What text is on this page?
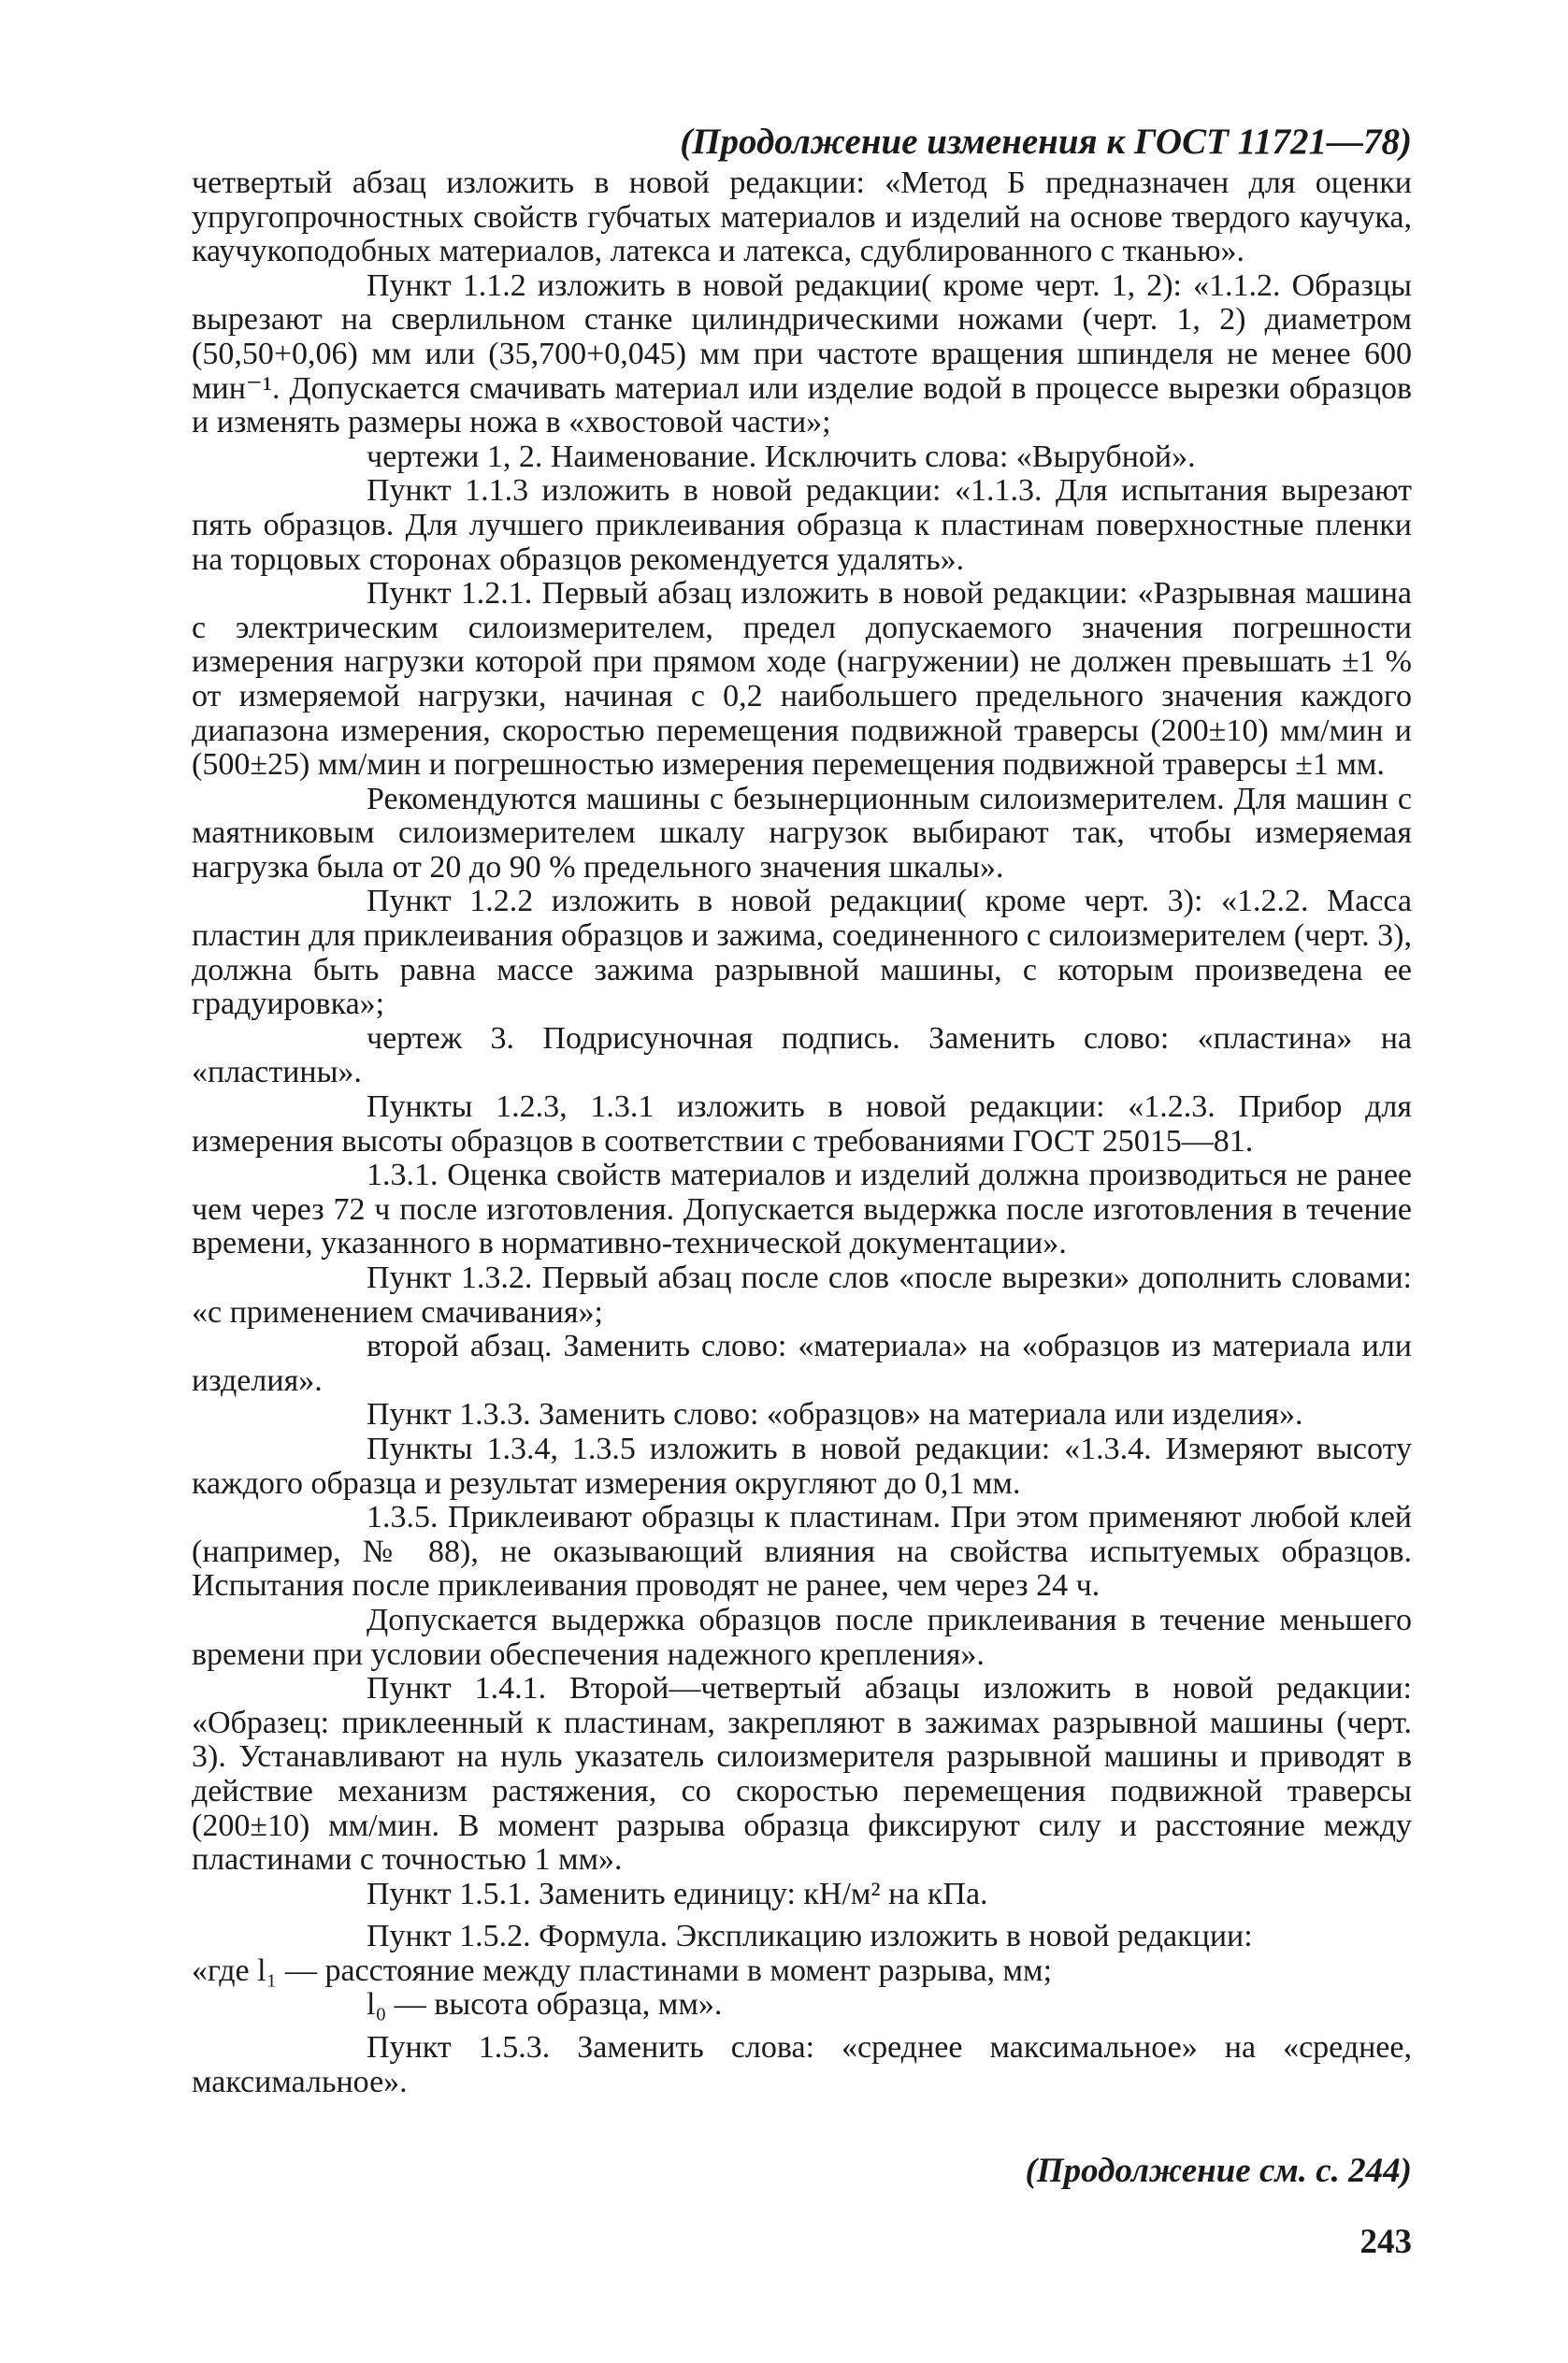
(Продолжение изменения к ГОСТ 11721—78)

четвертый абзац изложить в новой редакции: «Метод Б предназначен для оценки упругопрочностных свойств губчатых материалов и изделий на основе твердого каучука, каучукоподобных материалов, латекса и латекса, сдублированного с тканью».

Пункт 1.1.2 изложить в новой редакции( кроме черт. 1, 2): «1.1.2. Образцы вырезают на сверлильном станке цилиндрическими ножами (черт. 1, 2) диаметром (50,50+0,06) мм или (35,700+0,045) мм при частоте вращения шпинделя не менее 600 мин⁻¹. Допускается смачивать материал или изделие водой в процессе вырезки образцов и изменять размеры ножа в «хвостовой части»;

чертежи 1, 2. Наименование. Исключить слова: «Вырубной».

Пункт 1.1.3 изложить в новой редакции: «1.1.3. Для испытания вырезают пять образцов. Для лучшего приклеивания образца к пластинам поверхностные пленки на торцовых сторонах образцов рекомендуется удалять».

Пункт 1.2.1. Первый абзац изложить в новой редакции: «Разрывная машина с электрическим силоизмерителем, предел допускаемого значения погрешности измерения нагрузки которой при прямом ходе (нагружении) не должен превышать ±1 % от измеряемой нагрузки, начиная с 0,2 наибольшего предельного значения каждого диапазона измерения, скоростью перемещения подвижной траверсы (200±10) мм/мин и (500±25) мм/мин и погрешностью измерения перемещения подвижной траверсы ±1 мм.

Рекомендуются машины с безынерционным силоизмерителем. Для машин с маятниковым силоизмерителем шкалу нагрузок выбирают так, чтобы измеряемая нагрузка была от 20 до 90 % предельного значения шкалы».

Пункт 1.2.2 изложить в новой редакции( кроме черт. 3): «1.2.2. Масса пластин для приклеивания образцов и зажима, соединенного с силоизмерителем (черт. 3), должна быть равна массе зажима разрывной машины, с которым произведена ее градуировка»;

чертеж 3. Подрисуночная подпись. Заменить слово: «пластина» на «пластины».

Пункты 1.2.3, 1.3.1 изложить в новой редакции: «1.2.3. Прибор для измерения высоты образцов в соответствии с требованиями ГОСТ 25015—81.

1.3.1. Оценка свойств материалов и изделий должна производиться не ранее чем через 72 ч после изготовления. Допускается выдержка после изготовления в течение времени, указанного в нормативно-технической документации».

Пункт 1.3.2. Первый абзац после слов «после вырезки» дополнить словами: «с применением смачивания»;

второй абзац. Заменить слово: «материала» на «образцов из материала или изделия».

Пункт 1.3.3. Заменить слово: «образцов» на материала или изделия».

Пункты 1.3.4, 1.3.5 изложить в новой редакции: «1.3.4. Измеряют высоту каждого образца и результат измерения округляют до 0,1 мм.

1.3.5. Приклеивают образцы к пластинам. При этом применяют любой клей (например, № 88), не оказывающий влияния на свойства испытуемых образцов. Испытания после приклеивания проводят не ранее, чем через 24 ч.

Допускается выдержка образцов после приклеивания в течение меньшего времени при условии обеспечения надежного крепления».

Пункт 1.4.1. Второй—четвертый абзацы изложить в новой редакции: «Образец: приклеенный к пластинам, закрепляют в зажимах разрывной машины (черт. 3). Устанавливают на нуль указатель силоизмерителя разрывной машины и приводят в действие механизм растяжения, со скоростью перемещения подвижной траверсы (200±10) мм/мин. В момент разрыва образца фиксируют силу и расстояние между пластинами с точностью 1 мм».

Пункт 1.5.1. Заменить единицу: кН/м² на кПа.

Пункт 1.5.2. Формула. Экспликацию изложить в новой редакции:

«где l₁ — расстояние между пластинами в момент разрыва, мм;

l₀ — высота образца, мм».

Пункт 1.5.3. Заменить слова: «среднее максимальное» на «среднее, максимальное».

(Продолжение см. с. 244)
243
